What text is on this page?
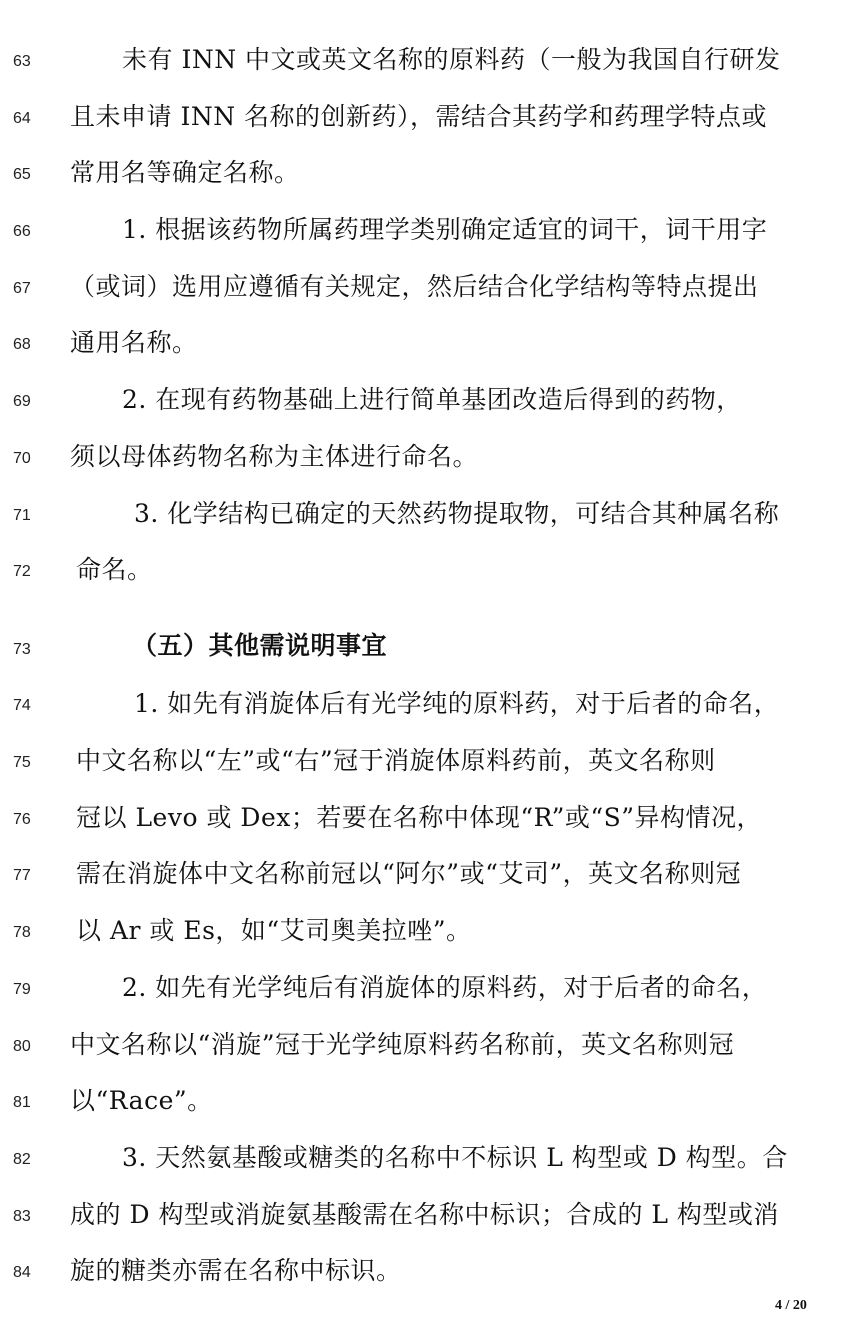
63
64
65
66
67
68
69
70
71
72
73
74
75
76
77
78
79
80
81
82
83
84
未有 INN 中文或英文名称的原料药（一般为我国自行研发
且未申请 INN 名称的创新药），需结合其药学和药理学特点或
常用名等确定名称。
1. 根据该药物所属药理学类别确定适宜的词干，词干用字
（或词）选用应遵循有关规定，然后结合化学结构等特点提出
通用名称。
2. 在现有药物基础上进行简单基团改造后得到的药物，
须以母体药物名称为主体进行命名。
3. 化学结构已确定的天然药物提取物，可结合其种属名称
命名。
（五）其他需说明事宜
1. 如先有消旋体后有光学纯的原料药，对于后者的命名，
中文名称以“左”或“右”冠于消旋体原料药前，英文名称则
冠以 Levo 或 Dex；若要在名称中体现“R”或“S”异构情况，
需在消旋体中文名称前冠以“阿尔”或“艾司”，英文名称则冠
以 Ar 或 Es，如“艾司奥美拉唑”。
2. 如先有光学纯后有消旋体的原料药，对于后者的命名，
中文名称以“消旋”冠于光学纯原料药名称前，英文名称则冠
以“Race”。
3. 天然氨基酸或糖类的名称中不标识 L 构型或 D 构型。合
成的 D 构型或消旋氨基酸需在名称中标识；合成的 L 构型或消
旋的糖类亦需在名称中标识。
4 / 20
